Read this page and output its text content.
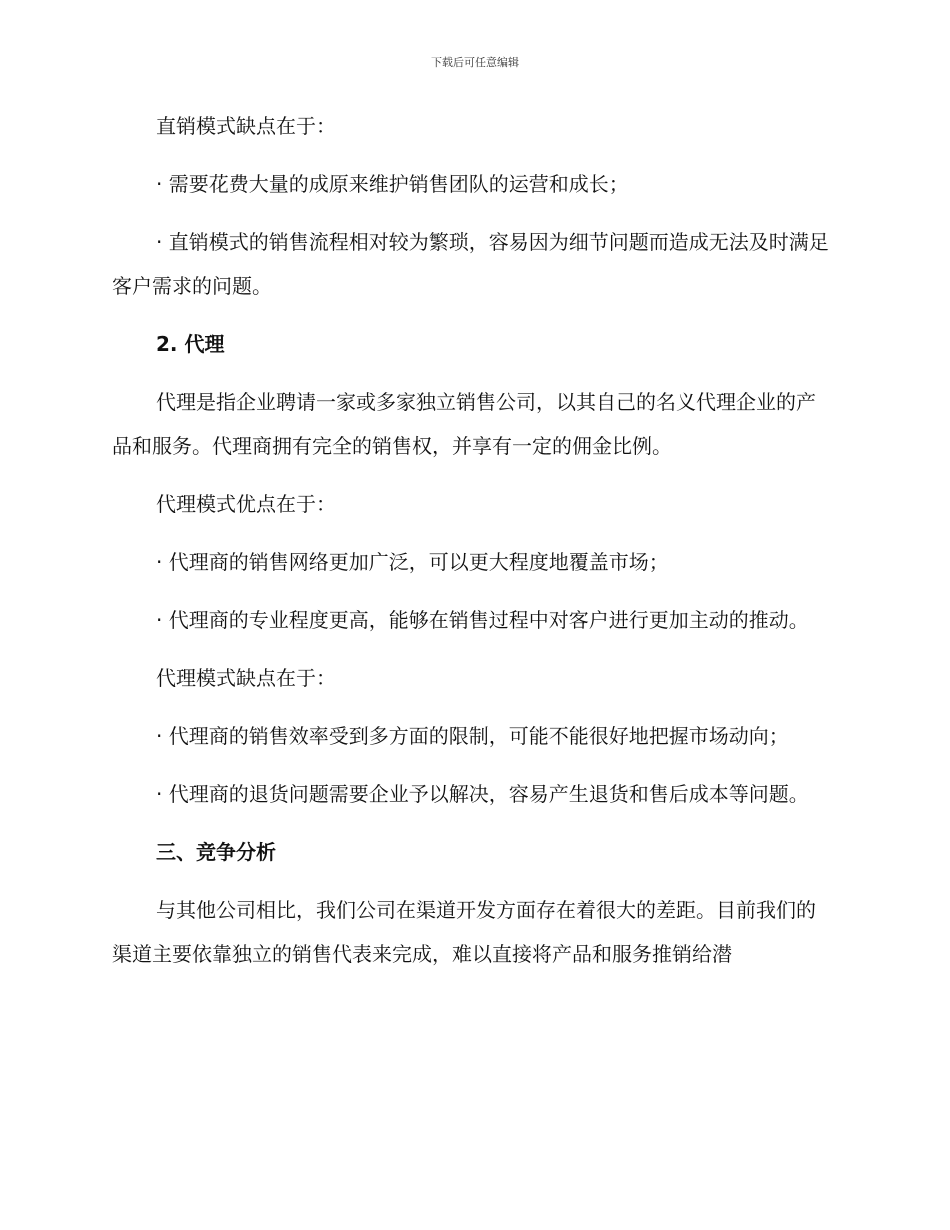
下载后可任意编辑

直销模式缺点在于：

· 需要花费大量的成原来维护销售团队的运营和成长；

· 直销模式的销售流程相对较为繁琐，容易因为细节问题而造成无法及时满足客户需求的问题。

2. 代理

代理是指企业聘请一家或多家独立销售公司，以其自己的名义代理企业的产品和服务。代理商拥有完全的销售权，并享有一定的佣金比例。

代理模式优点在于：

· 代理商的销售网络更加广泛，可以更大程度地覆盖市场；

· 代理商的专业程度更高，能够在销售过程中对客户进行更加主动的推动。

代理模式缺点在于：

· 代理商的销售效率受到多方面的限制，可能不能很好地把握市场动向；

· 代理商的退货问题需要企业予以解决，容易产生退货和售后成本等问题。

三、竞争分析

与其他公司相比，我们公司在渠道开发方面存在着很大的差距。目前我们的渠道主要依靠独立的销售代表来完成，难以直接将产品和服务推销给潜
